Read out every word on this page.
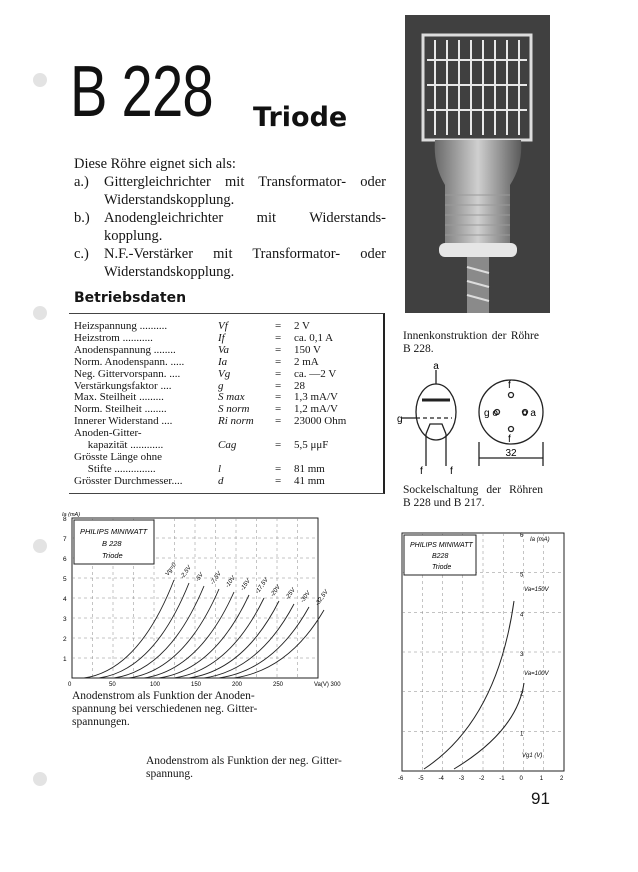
B 228 Triode
Diese Röhre eignet sich als:
a.) Gittergleichrichter mit Transformator- oder Widerstandskopplung.
b.) Anodengleichrichter mit Widerstands- kopplung.
c.) N.F.-Verstärker mit Transformator- oder Widerstandskopplung.
Betriebsdaten
Heizspannung ..........	Vf	= 2 V
Heizstrom ...........	If	= ca. 0,1 A
Anodenspannung ........	Va	= 150 V
Norm. Anodenspann. .....	Ia	= 2 mA
Neg. Gittervorspann. ....	Vg	= ca. —2 V
Verstärkungsfaktor ....	g	= 28
Max. Steilheit .........	S max	= 1,3 mA/V
Norm. Steilheit ........	S norm = 1,2 mA/V
Innerer Widerstand ....	Ri norm = 23000 Ohm
Anoden-Gitter-
kapazität ............	Cag	= 5,5 μμF
Grösste Länge ohne
Stifte ...............	l	= 81 mm
Grösster Durchmesser....	d	= 41 mm
Innenkonstruktion der Röhre B 228.
a
g
f	f
f
g o o a
f
32
Sockelschaltung der Röhren B 228 und B 217.
PHILIPS MINIWATT
B 228
Triode
1
2
3
4
5
6
7
8
0	50	100	150	200	250	Va(V) 300
Ia (mA)
Vg=0 -2,5V -5V -7,5V -10V -15V -17,5V -20V -25V -30V -32,5V
Anodenstrom als Funktion der Anoden- spannung bei verschiedenen neg. Gitter- spannungen.
PHILIPS MINIWATT
B228
Triode
Ia (mA)
1
2
3
4
5
6
-6 -5 -4 -3 -2 -1 0	1	2
Vg1 (V)
Va=150V
Va=100V
Anodenstrom als Funktion der neg. Gitter- spannung.
91
